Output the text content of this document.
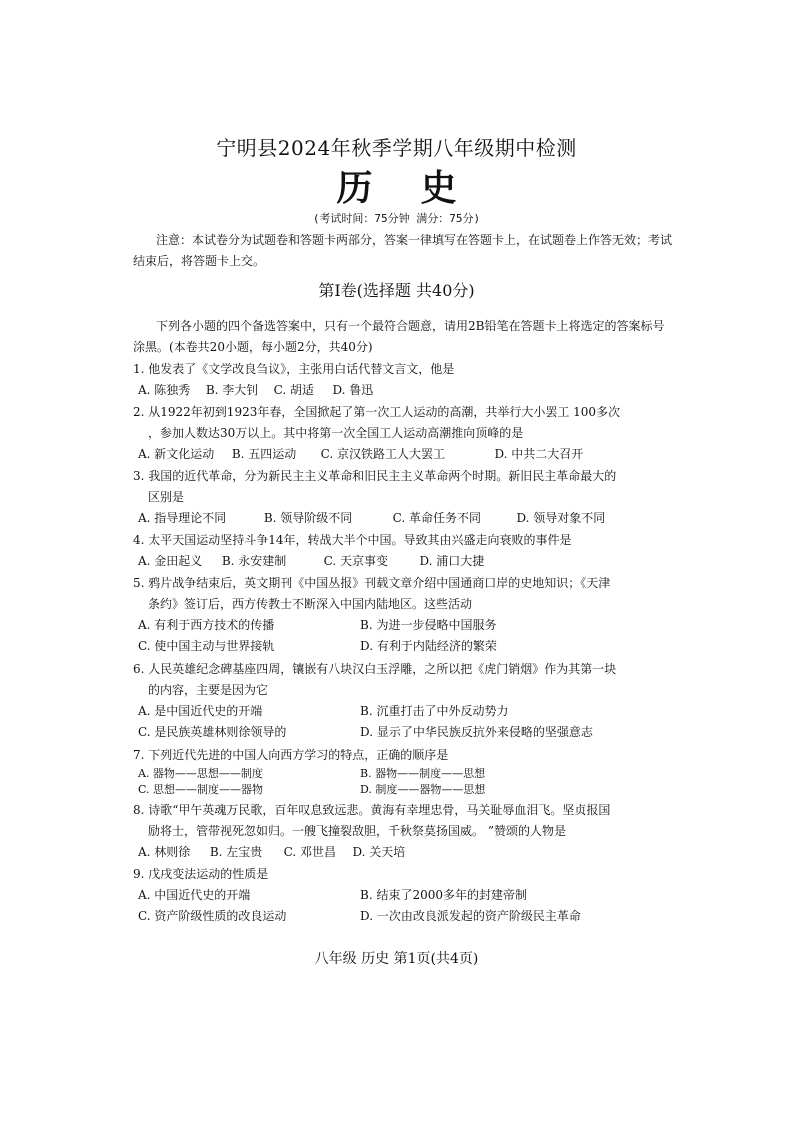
宁明县2024年秋季学期八年级期中检测
历史
(考试时间：75分钟 满分：75分)
注意：本试卷分为试题卷和答题卡两部分，答案一律填写在答题卡上，在试题卷上作答无效；考试结束后，将答题卡上交。
第Ⅰ卷(选择题 共40分)
下列各小题的四个备选答案中，只有一个最符合题意，请用2B铅笔在答题卡上将选定的答案标号涂黑。(本卷共20小题，每小题2分，共40分)
1. 他发表了《文学改良刍议》，主张用白话代替文言文，他是
A. 陈独秀 B. 李大钊 C. 胡适 D. 鲁迅
2. 从1922年初到1923年春，全国掀起了第一次工人运动的高潮，共举行大小罢工 100多次
，参加人数达30万以上。其中将第一次全国工人运动高潮推向顶峰的是
A. 新文化运动 B. 五四运动 C. 京汉铁路工人大罢工	D. 中共二大召开
3. 我国的近代革命，分为新民主主义革命和旧民主主义革命两个时期。新旧民主革命最大的
区别是
A. 指导理论不同	B. 领导阶级不同	C. 革命任务不同	D. 领导对象不同
4. 太平天国运动坚持斗争14年，转战大半个中国。导致其由兴盛走向衰败的事件是
A. 金田起义 B. 永安建制	C. 天京事变	D. 浦口大捷
5. 鸦片战争结束后，英文期刊《中国丛报》刊载文章介绍中国通商口岸的史地知识；《天津
条约》签订后，西方传教士不断深入中国内陆地区。这些活动
A. 有利于西方技术的传播	B. 为进一步侵略中国服务
C. 使中国主动与世界接轨	D. 有利于内陆经济的繁荣
6. 人民英雄纪念碑基座四周，镶嵌有八块汉白玉浮雕，之所以把《虎门销烟》作为其第一块
的内容，主要是因为它
A. 是中国近代史的开端	B. 沉重打击了中外反动势力
C. 是民族英雄林则徐领导的	D. 显示了中华民族反抗外来侵略的坚强意志
7. 下列近代先进的中国人向西方学习的特点，正确的顺序是
A. 器物——思想——制度	B. 器物——制度——思想
C. 思想——制度——器物	D. 制度——器物——思想
8. 诗歌“甲午英魂万民歌，百年叹息致远悲。黄海有幸埋忠骨，马关耻辱血泪飞。坚贞报国
励将士，管带视死忽如归。一艘飞撞裂敌胆，千秋祭莫扬国威。 ”赞颂的人物是
A. 林则徐 B. 左宝贵 C. 邓世昌 D. 关天培
9. 戊戌变法运动的性质是
A. 中国近代史的开端	B. 结束了2000多年的封建帝制
C. 资产阶级性质的改良运动	D. 一次由改良派发起的资产阶级民主革命
八年级 历史 第1页(共4页)
